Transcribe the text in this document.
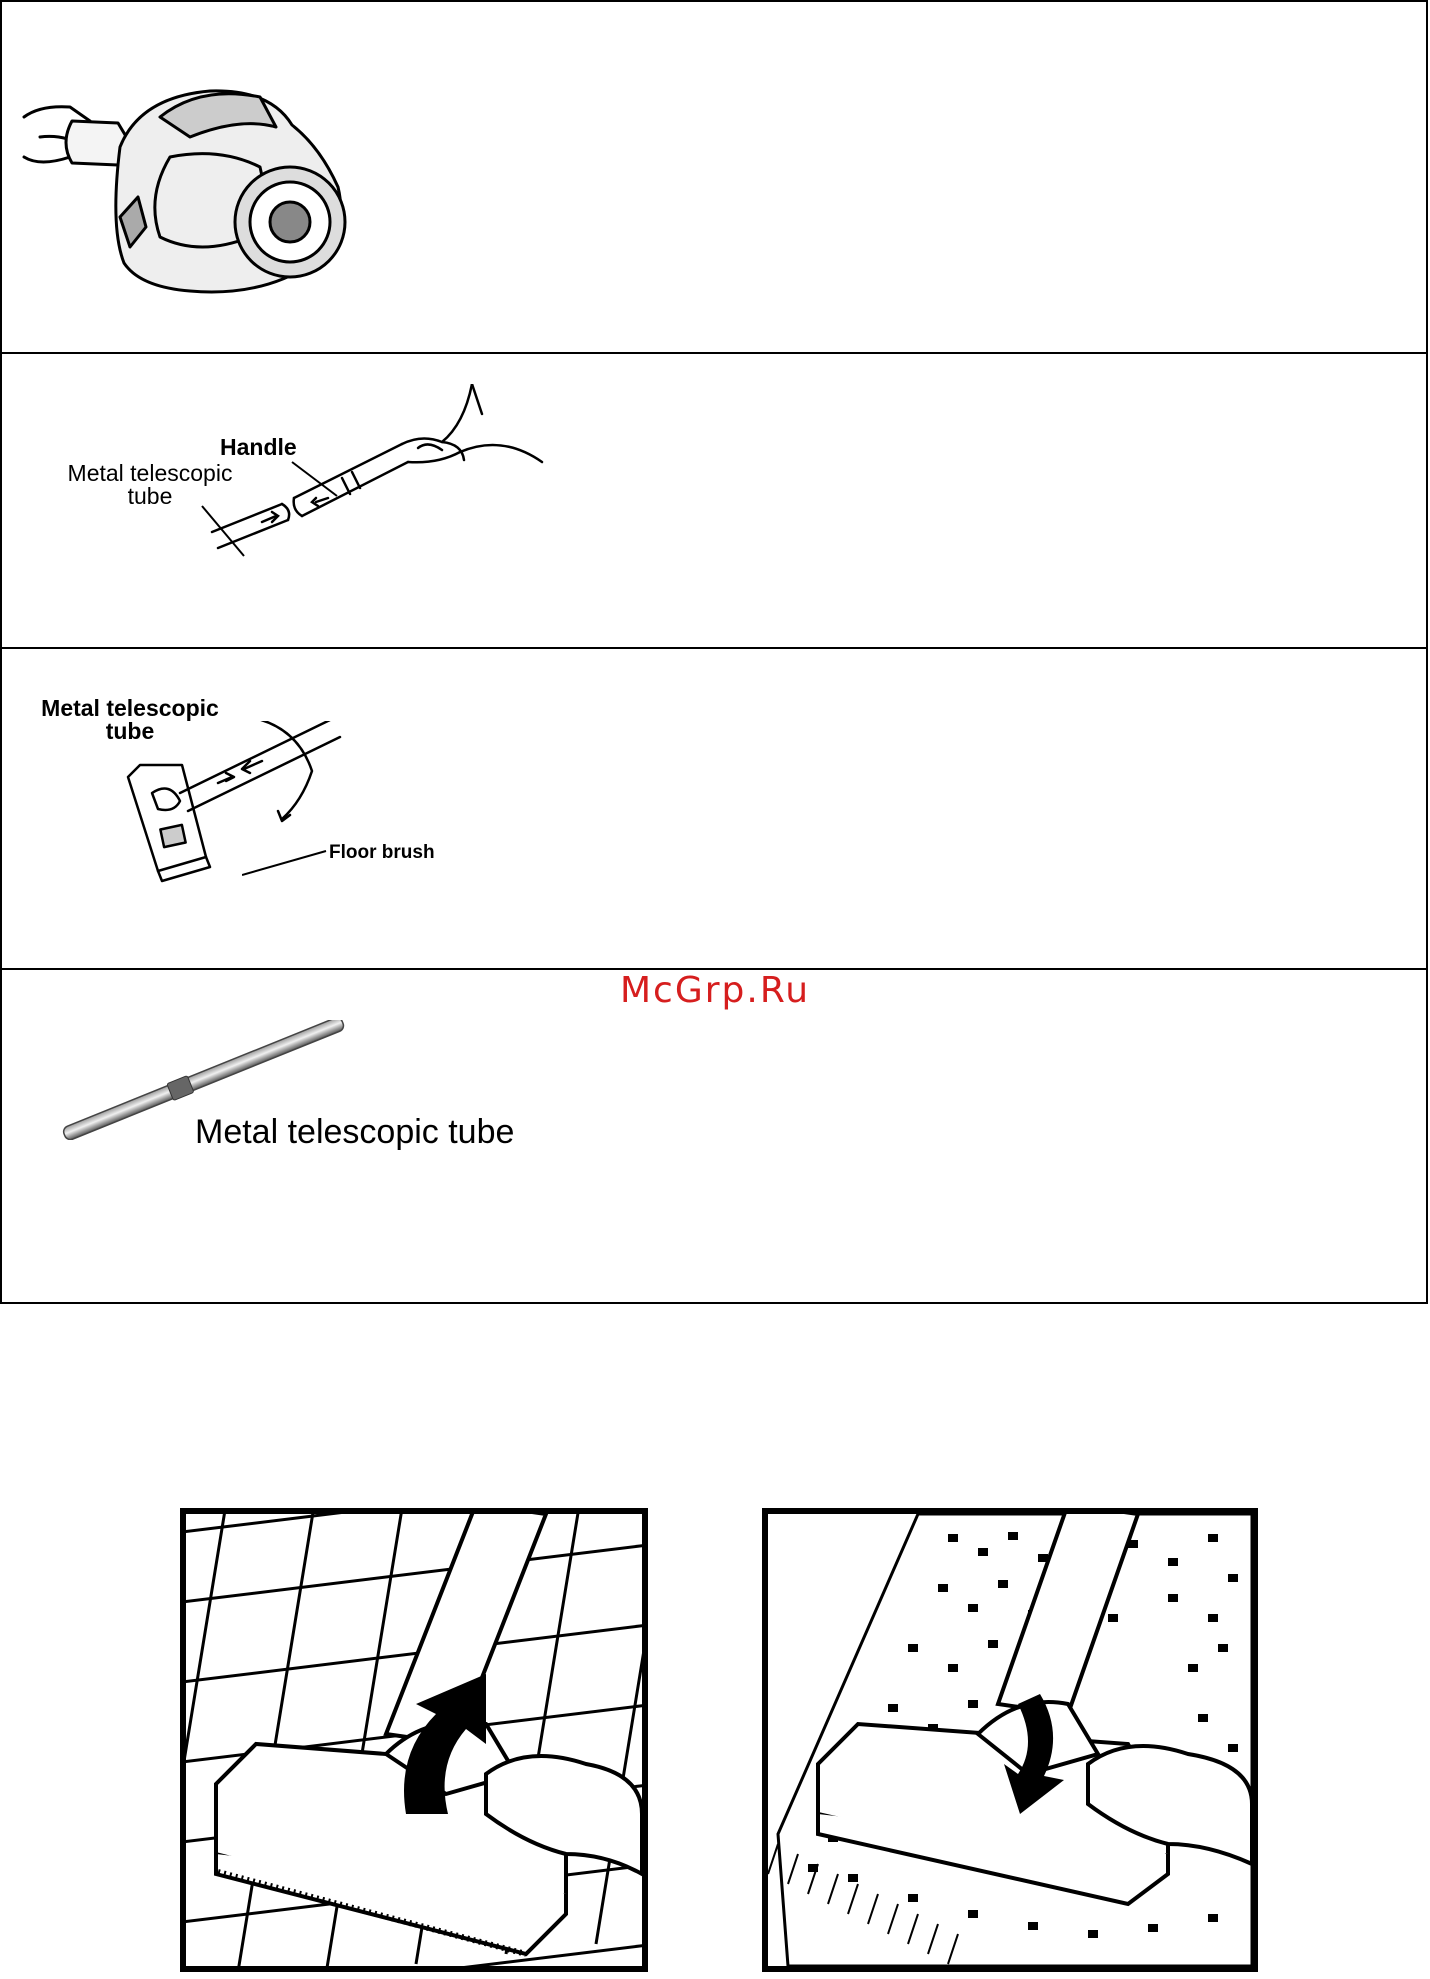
Handle
Metal telescopic
tube
Metal telescopic
tube
Floor brush
Metal telescopic tube
McGrp.Ru
